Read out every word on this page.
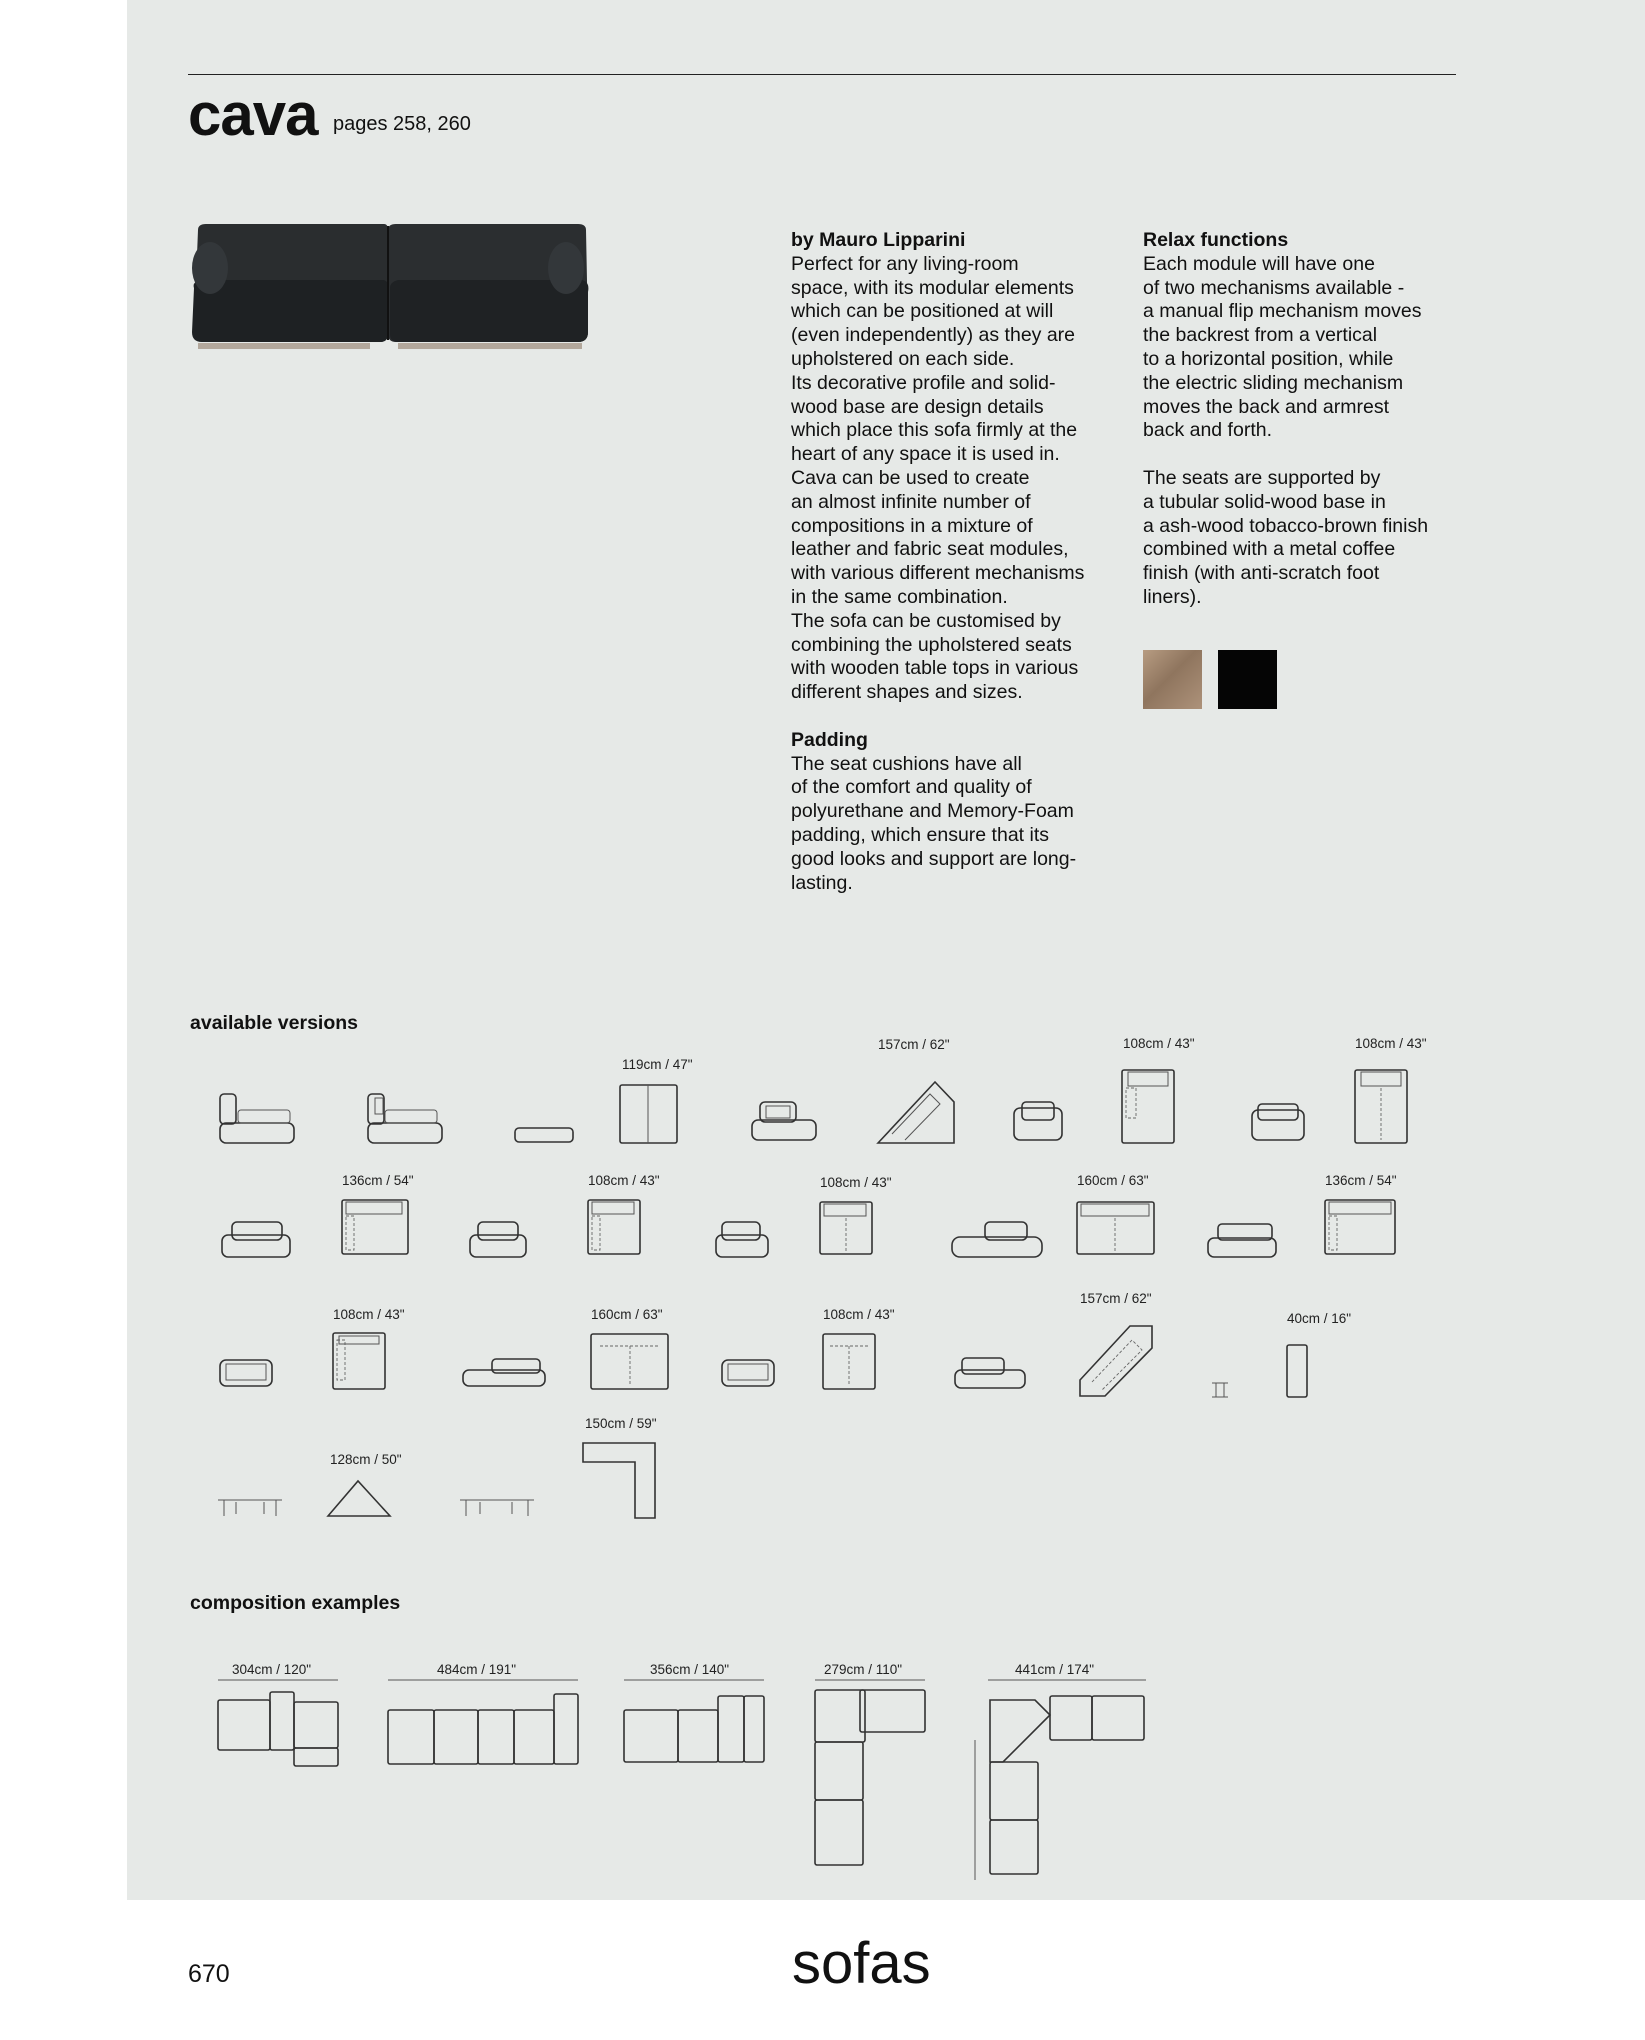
cava pages 258, 260

by Mauro Lipparini

Perfect for any living-room

space, with its modular elements

which can be positioned at will

(even independently) as they are

upholstered on each side.

Its decorative profile and solid-

wood base are design details

which place this sofa firmly at the

heart of any space it is used in.

Cava can be used to create

an almost infinite number of

compositions in a mixture of

leather and fabric seat modules,

with various different mechanisms

in the same combination.

The sofa can be customised by

combining the upholstered seats

with wooden table tops in various

different shapes and sizes.

Padding

The seat cushions have all

of the comfort and quality of

polyurethane and Memory-Foam

padding, which ensure that its

good looks and support are long-

lasting.

Relax functions

Each module will have one

of two mechanisms available -

a manual flip mechanism moves

the backrest from a vertical

to a horizontal position, while

the electric sliding mechanism

moves the back and armrest

back and forth.

The seats are supported by

a tubular solid-wood base in

a ash-wood tobacco-brown finish

combined with a metal coffee

finish (with anti-scratch foot

liners).

available versions
119cm / 47"
157cm / 62"	108cm / 43"	108cm / 43"
136cm / 54"	108cm / 43"	108cm / 43"	160cm / 63"	136cm / 54"
108cm / 43"	160cm / 63"	108cm / 43"
157cm / 62"
40cm / 16"
128cm / 50"
150cm / 59"
composition examples
304cm / 120"	484cm / 191"	356cm / 140"	279cm / 110"	441cm / 174"
670	sofas
